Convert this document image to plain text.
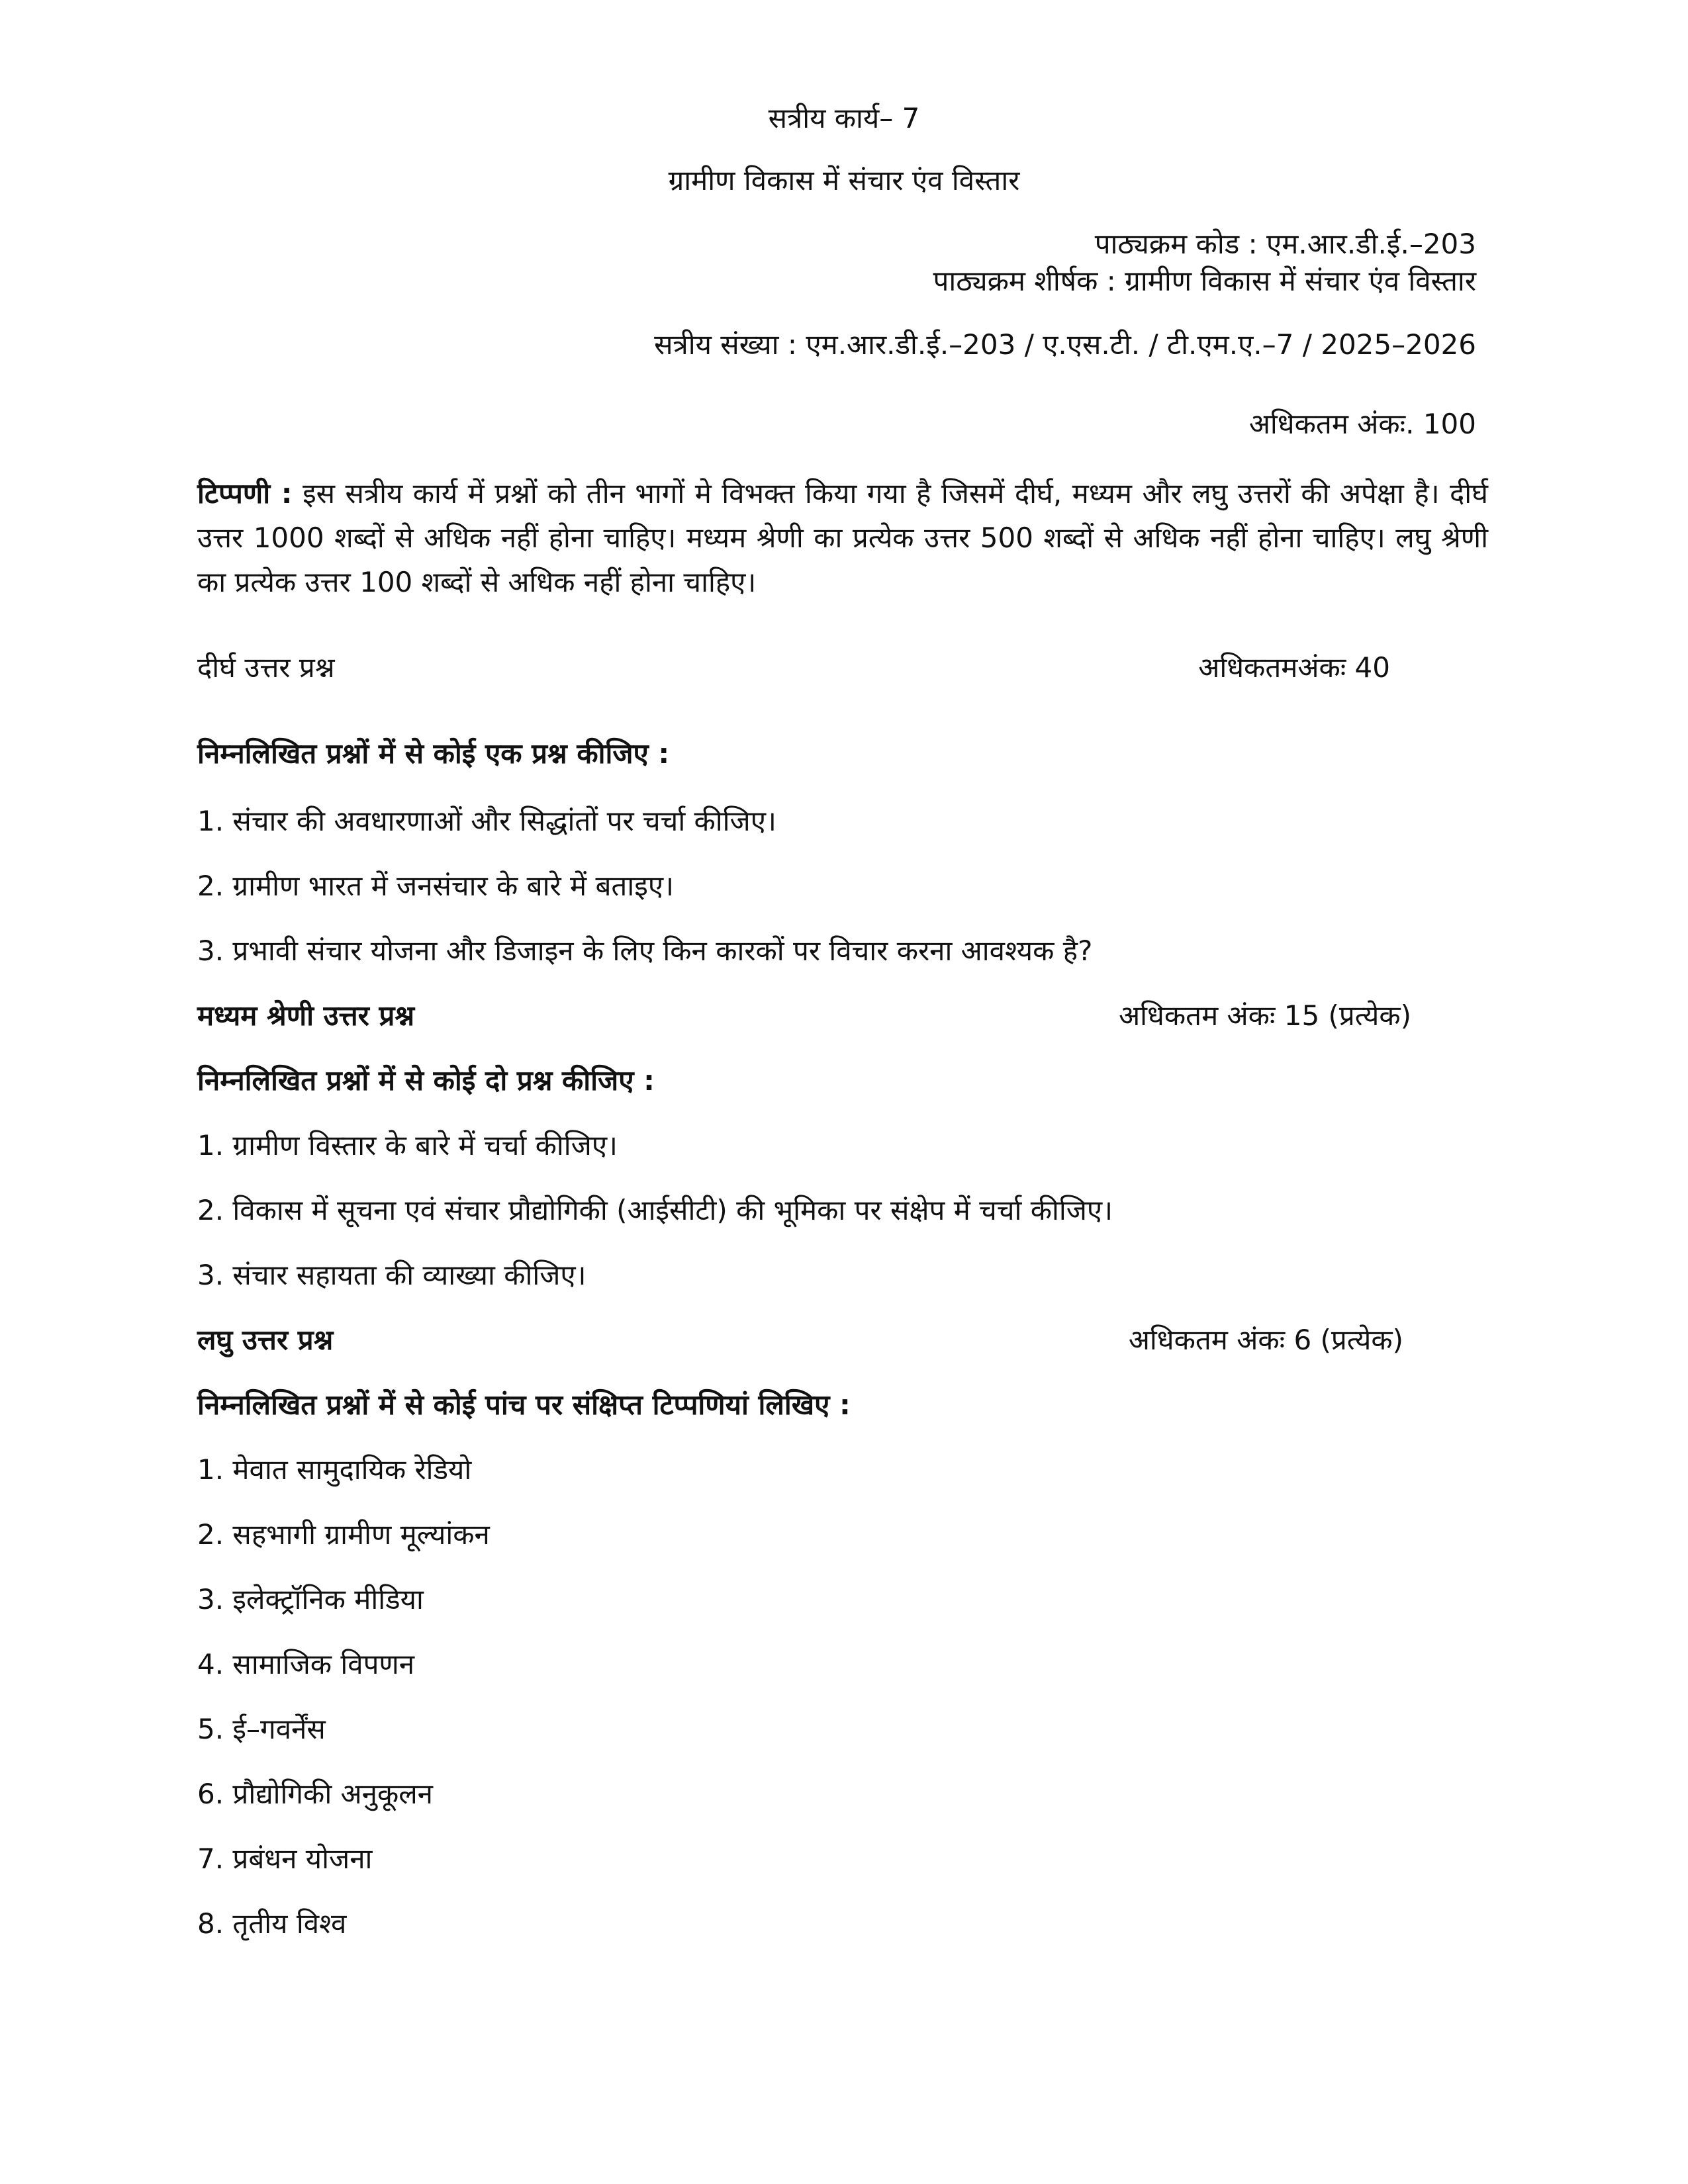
सत्रीय कार्य– 7
ग्रामीण विकास में संचार एंव विस्तार
पाठ्यक्रम कोड : एम.आर.डी.ई.–203
पाठ्यक्रम शीर्षक : ग्रामीण विकास में संचार एंव विस्तार
सत्रीय संख्या : एम.आर.डी.ई.–203 / ए.एस.टी. / टी.एम.ए.–7 / 2025–2026
अधिकतम अंकः. 100
टिप्पणी : इस सत्रीय कार्य में प्रश्नों को तीन भागों मे विभक्त किया गया है जिसमें दीर्घ, मध्यम और लघु उत्तरों की अपेक्षा है। दीर्घ उत्तर 1000 शब्दों से अधिक नहीं होना चाहिए। मध्यम श्रेणी का प्रत्येक उत्तर 500 शब्दों से अधिक नहीं होना चाहिए। लघु श्रेणी का प्रत्येक उत्तर 100 शब्दों से अधिक नहीं होना चाहिए।
दीर्घ उत्तर प्रश्न	अधिकतमअंकः 40
निम्नलिखित प्रश्नों में से कोई एक प्रश्न कीजिए :
1. संचार की अवधारणाओं और सिद्धांतों पर चर्चा कीजिए।
2. ग्रामीण भारत में जनसंचार के बारे में बताइए।
3. प्रभावी संचार योजना और डिजाइन के लिए किन कारकों पर विचार करना आवश्यक है?
मध्यम श्रेणी उत्तर प्रश्न	अधिकतम अंकः 15 (प्रत्येक)
निम्नलिखित प्रश्नों में से कोई दो प्रश्न कीजिए :
1. ग्रामीण विस्तार के बारे में चर्चा कीजिए।
2. विकास में सूचना एवं संचार प्रौद्योगिकी (आईसीटी) की भूमिका पर संक्षेप में चर्चा कीजिए।
3. संचार सहायता की व्याख्या कीजिए।
लघु उत्तर प्रश्न	अधिकतम अंकः 6 (प्रत्येक)
निम्नलिखित प्रश्नों में से कोई पांच पर संक्षिप्त टिप्पणियां लिखिए :
1. मेवात सामुदायिक रेडियो
2. सहभागी ग्रामीण मूल्यांकन
3. इलेक्ट्रॉनिक मीडिया
4. सामाजिक विपणन
5. ई–गवर्नेंस
6. प्रौद्योगिकी अनुकूलन
7. प्रबंधन योजना
8. तृतीय विश्व
